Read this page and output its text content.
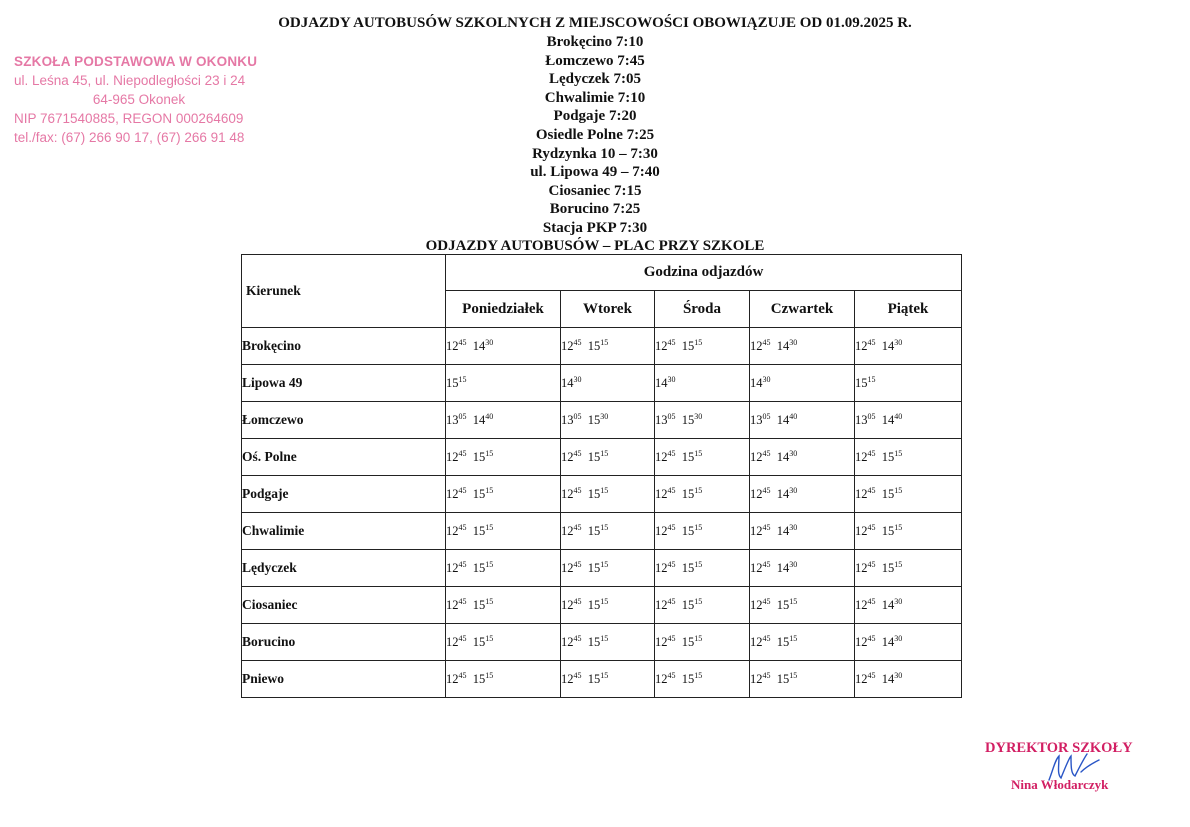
SZKOŁA PODSTAWOWA W OKONKU
ul. Leśna 45, ul. Niepodległości 23 i 24
64-965 Okonek
NIP 7671540885, REGON 000264609
tel./fax: (67) 266 90 17, (67) 266 91 48
ODJAZDY AUTOBUSÓW SZKOLNYCH Z MIEJSCOWOŚCI OBOWIĄZUJE OD 01.09.2025 R.
Brokęcino 7:10
Łomczewo 7:45
Lędyczek 7:05
Chwalimie 7:10
Podgaje 7:20
Osiedle Polne 7:25
Rydzynka 10 – 7:30
ul. Lipowa 49 – 7:40
Ciosaniec 7:15
Borucino 7:25
Stacja PKP 7:30
ODJAZDY AUTOBUSÓW – PLAC PRZY SZKOLE
Kierunek	Godzina odjazdów				
	Poniedziałek	Wtorek	Środa	Czwartek	Piątek
Brokęcino	$12^{45}$ $14^{30}$	$12^{45}$ $15^{15}$	$12^{45}$ $15^{15}$	$12^{45}$ $14^{30}$	$12^{45}$ $14^{30}$
Lipowa 49	$15^{15}$	$14^{30}$	$14^{30}$	$14^{30}$	$15^{15}$
Łomczewo	$13^{05}$ $14^{40}$	$13^{05}$ $15^{30}$	$13^{05}$ $15^{30}$	$13^{05}$ $14^{40}$	$13^{05}$ $14^{40}$
Oś. Polne	$12^{45}$ $15^{15}$	$12^{45}$ $15^{15}$	$12^{45}$ $15^{15}$	$12^{45}$ $14^{30}$	$12^{45}$ $15^{15}$
Podgaje	$12^{45}$ $15^{15}$	$12^{45}$ $15^{15}$	$12^{45}$ $15^{15}$	$12^{45}$ $14^{30}$	$12^{45}$ $15^{15}$
Chwalimie	$12^{45}$ $15^{15}$	$12^{45}$ $15^{15}$	$12^{45}$ $15^{15}$	$12^{45}$ $14^{30}$	$12^{45}$ $15^{15}$
Lędyczek	$12^{45}$ $15^{15}$	$12^{45}$ $15^{15}$	$12^{45}$ $15^{15}$	$12^{45}$ $14^{30}$	$12^{45}$ $15^{15}$
Ciosaniec	$12^{45}$ $15^{15}$	$12^{45}$ $15^{15}$	$12^{45}$ $15^{15}$	$12^{45}$ $15^{15}$	$12^{45}$ $14^{30}$
Borucino	$12^{45}$ $15^{15}$	$12^{45}$ $15^{15}$	$12^{45}$ $15^{15}$	$12^{45}$ $15^{15}$	$12^{45}$ $14^{30}$
Pniewo	$12^{45}$ $15^{15}$	$12^{45}$ $15^{15}$	$12^{45}$ $15^{15}$	$12^{45}$ $15^{15}$	$12^{45}$ $14^{30}$
DYREKTOR SZKOŁY
Nina Włodarczyk
